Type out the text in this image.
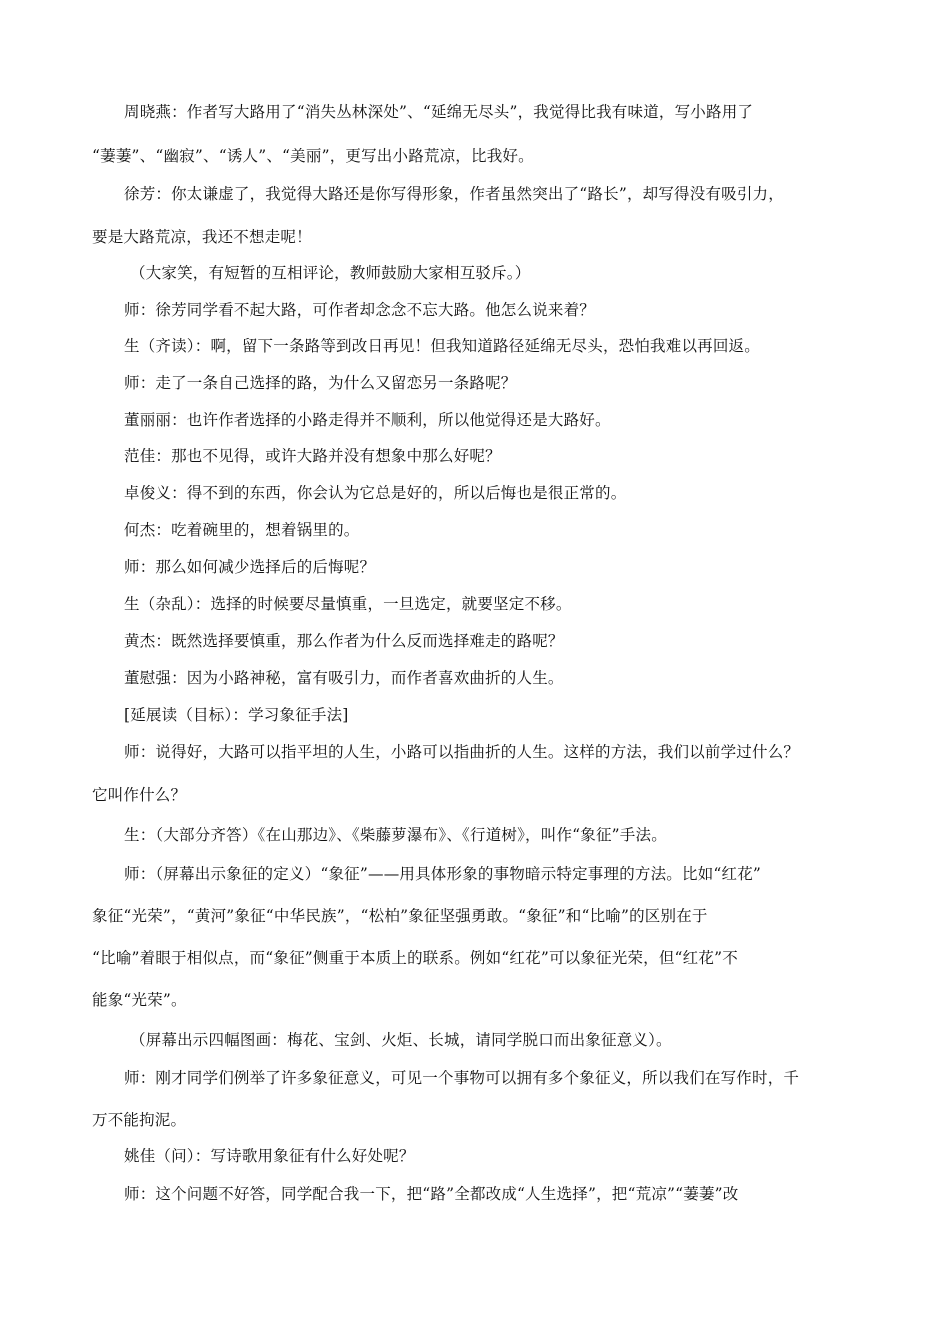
周晓燕：作者写大路用了“消失丛林深处”、“延绵无尽头”，我觉得比我有味道，写小路用了
“萋萋”、“幽寂”、“诱人”、“美丽”，更写出小路荒凉，比我好。
徐芳：你太谦虚了，我觉得大路还是你写得形象，作者虽然突出了“路长”，却写得没有吸引力，
要是大路荒凉，我还不想走呢！
（大家笑，有短暂的互相评论，教师鼓励大家相互驳斥。）
师：徐芳同学看不起大路，可作者却念念不忘大路。他怎么说来着？
生（齐读）：啊，留下一条路等到改日再见！但我知道路径延绵无尽头，恐怕我难以再回返。
师：走了一条自己选择的路，为什么又留恋另一条路呢？
董丽丽：也许作者选择的小路走得并不顺利，所以他觉得还是大路好。
范佳：那也不见得，或许大路并没有想象中那么好呢？
卓俊义：得不到的东西，你会认为它总是好的，所以后悔也是很正常的。
何杰：吃着碗里的，想着锅里的。
师：那么如何减少选择后的后悔呢？
生（杂乱）：选择的时候要尽量慎重，一旦选定，就要坚定不移。
黄杰：既然选择要慎重，那么作者为什么反而选择难走的路呢？
董慰强：因为小路神秘，富有吸引力，而作者喜欢曲折的人生。
[延展读（目标）：学习象征手法]
师：说得好，大路可以指平坦的人生，小路可以指曲折的人生。这样的方法，我们以前学过什么？
它叫作什么？
生：（大部分齐答）《在山那边》、《柴藤萝瀑布》、《行道树》，叫作“象征”手法。
师：（屏幕出示象征的定义）“象征”——用具体形象的事物暗示特定事理的方法。比如“红花”
象征“光荣”，“黄河”象征“中华民族”，“松柏”象征坚强勇敢。“象征”和“比喻”的区别在于
“比喻”着眼于相似点，而“象征”侧重于本质上的联系。例如“红花”可以象征光荣，但“红花”不
能象“光荣”。
（屏幕出示四幅图画：梅花、宝剑、火炬、长城，请同学脱口而出象征意义）。
师：刚才同学们例举了许多象征意义，可见一个事物可以拥有多个象征义，所以我们在写作时，千
万不能拘泥。
姚佳（问）：写诗歌用象征有什么好处呢？
师：这个问题不好答，同学配合我一下，把“路”全都改成“人生选择”，把“荒凉”“萋萋”改
